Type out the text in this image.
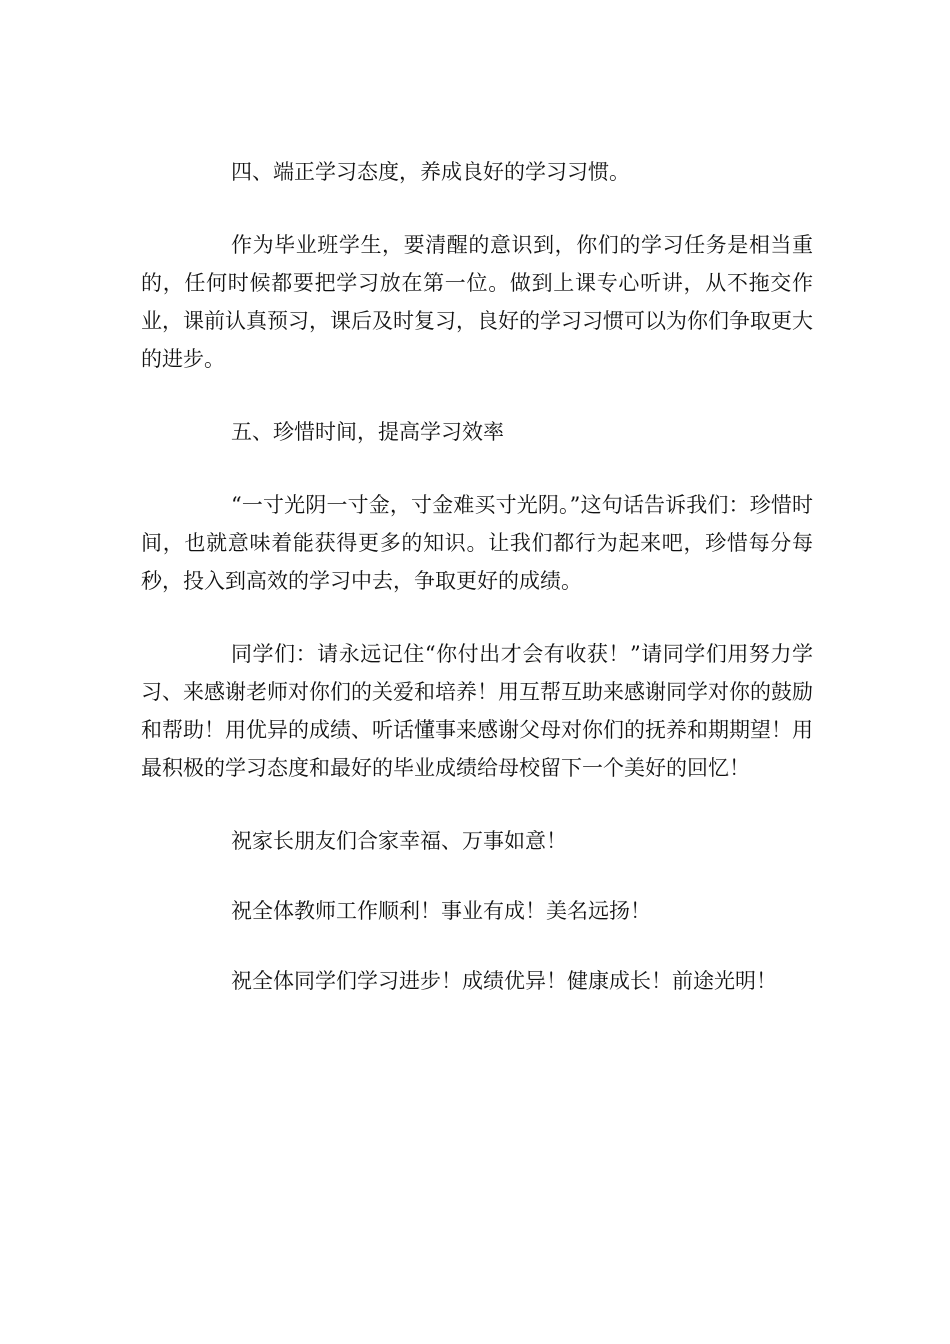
四、端正学习态度，养成良好的学习习惯。

作为毕业班学生，要清醒的意识到，你们的学习任务是相当重的，任何时候都要把学习放在第一位。做到上课专心听讲，从不拖交作业，课前认真预习，课后及时复习，良好的学习习惯可以为你们争取更大的进步。

五、珍惜时间，提高学习效率

“一寸光阴一寸金，寸金难买寸光阴。”这句话告诉我们：珍惜时间，也就意味着能获得更多的知识。让我们都行为起来吧，珍惜每分每秒，投入到高效的学习中去，争取更好的成绩。

同学们：请永远记住“你付出才会有收获！”请同学们用努力学习、来感谢老师对你们的关爱和培养！用互帮互助来感谢同学对你的鼓励和帮助！用优异的成绩、听话懂事来感谢父母对你们的抚养和期期望！用最积极的学习态度和最好的毕业成绩给母校留下一个美好的回忆！

祝家长朋友们合家幸福、万事如意！

祝全体教师工作顺利！事业有成！美名远扬！

祝全体同学们学习进步！成绩优异！健康成长！前途光明！
